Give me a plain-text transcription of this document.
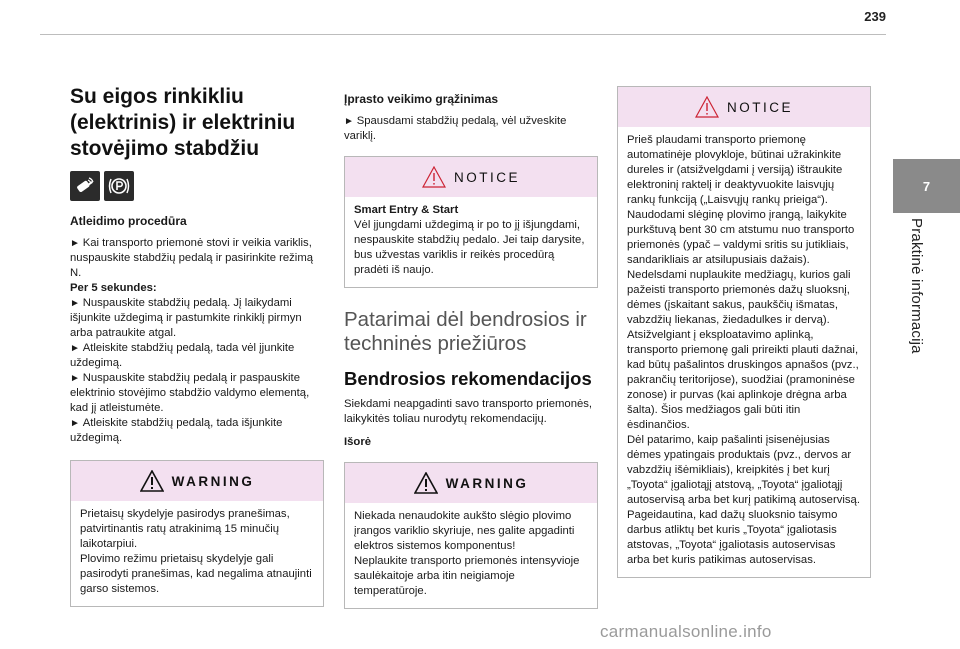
239
7
Praktinė informacija
Su eigos rinkikliu (elektrinis) ir elektriniu stovėjimo stabdžiu
Atleidimo procedūra

► Kai transporto priemonė stovi ir veikia variklis, nuspauskite stabdžių pedalą ir pasirinkite režimą N.

Per 5 sekundes:

► Nuspauskite stabdžių pedalą. Jį laikydami išjunkite uždegimą ir pastumkite rinkiklį pirmyn arba patraukite atgal.

► Atleiskite stabdžių pedalą, tada vėl įjunkite uždegimą.

► Nuspauskite stabdžių pedalą ir paspauskite elektrinio stovėjimo stabdžio valdymo elementą, kad jį atleistumėte.

► Atleiskite stabdžių pedalą, tada išjunkite uždegimą.

WARNING

Prietaisų skydelyje pasirodys pranešimas, patvirtinantis ratų atrakinimą 15 minučių laikotarpiui.

Plovimo režimu prietaisų skydelyje gali pasirodyti pranešimas, kad negalima atnaujinti garso sistemos.

Įprasto veikimo grąžinimas

► Spausdami stabdžių pedalą, vėl užveskite variklį.

NOTICE

Smart Entry & Start

Vėl įjungdami uždegimą ir po to jį išjungdami, nespauskite stabdžių pedalo. Jei taip darysite, bus užvestas variklis ir reikės procedūrą pradėti iš naujo.

Patarimai dėl bendrosios ir techninės priežiūros
Bendrosios rekomendacijos

Siekdami neapgadinti savo transporto priemonės, laikykitės toliau nurodytų rekomendacijų.

Išorė

WARNING

Niekada nenaudokite aukšto slėgio plovimo įrangos variklio skyriuje, nes galite apgadinti elektros sistemos komponentus!

Neplaukite transporto priemonės intensyvioje saulėkaitoje arba itin neigiamoje temperatūroje.

NOTICE

Prieš plaudami transporto priemonę automatinėje plovykloje, būtinai užrakinkite dureles ir (atsižvelgdami į versiją) ištraukite elektroninį raktelį ir deaktyvuokite laisvųjų rankų funkciją („Laisvųjų rankų prieiga“).

Naudodami slėginę plovimo įrangą, laikykite purkštuvą bent 30 cm atstumu nuo transporto priemonės (ypač – valdymi sritis su jutikliais, sandarikliais ar atsilupusiais dažais).

Nedelsdami nuplaukite medžiagų, kurios gali pažeisti transporto priemonės dažų sluoksnį, dėmes (įskaitant sakus, paukščių išmatas, vabzdžių liekanas, žiedadulkes ir dervą).

Atsižvelgiant į eksploatavimo aplinką, transporto priemonę gali prireikti plauti dažnai, kad būtų pašalintos druskingos apnašos (pvz., pakrančių teritorijose), suodžiai (pramoninėse zonose) ir purvas (kai aplinkoje drėgna arba šalta). Šios medžiagos gali būti itin ėsdinančios.

Dėl patarimo, kaip pašalinti įsisenėjusias dėmes ypatingais produktais (pvz., dervos ar vabzdžių išėmikliais), kreipkitės į bet kurį „Toyota“ įgaliotąjį atstovą, „Toyota“ įgaliotąjį autoservisą arba bet kurį patikimą autoservisą.

Pageidautina, kad dažų sluoksnio taisymo darbus atliktų bet kuris „Toyota“ įgaliotasis atstovas, „Toyota“ įgaliotasis autoservisas arba bet kuris patikimas autoservisas.

carmanualsonline.info
